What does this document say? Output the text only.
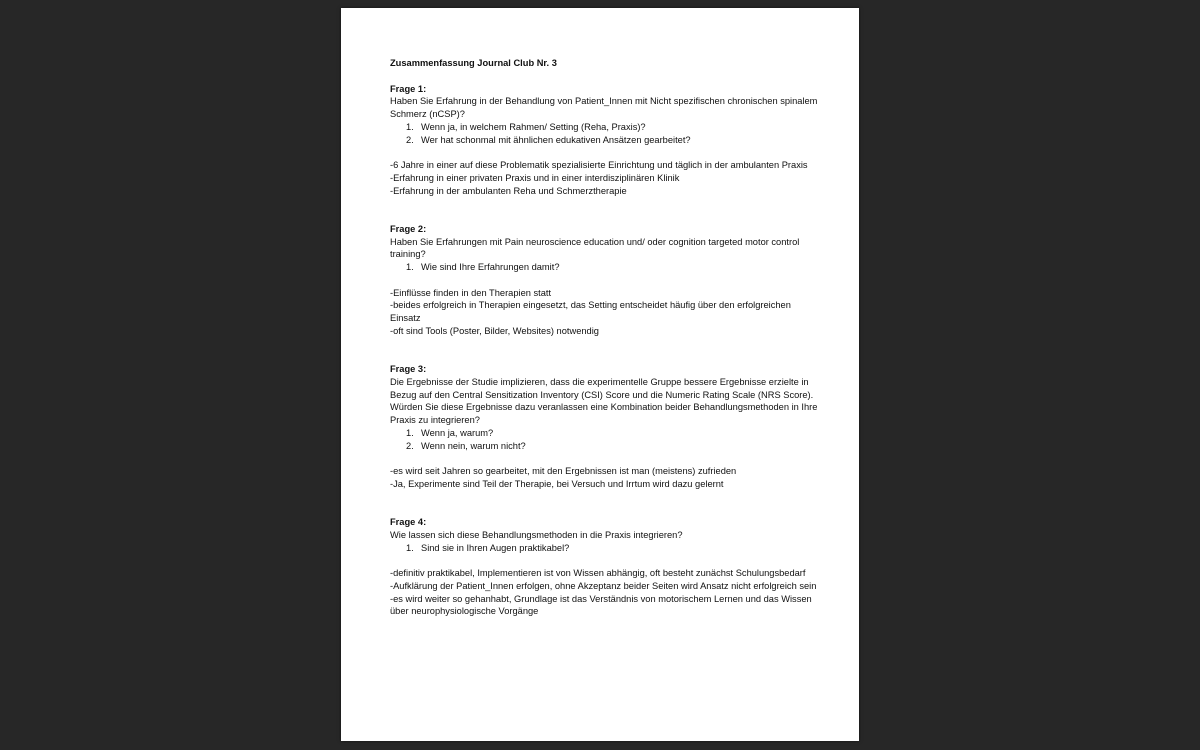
Zusammenfassung Journal Club Nr. 3

Frage 1:

Haben Sie Erfahrung in der Behandlung von Patient_Innen mit Nicht spezifischen chronischen spinalem Schmerz (nCSP)?

1. Wenn ja, in welchem Rahmen/ Setting (Reha, Praxis)?
2. Wer hat schonmal mit ähnlichen edukativen Ansätzen gearbeitet?

-6 Jahre in einer auf diese Problematik spezialisierte Einrichtung und täglich in der ambulanten Praxis

-Erfahrung in einer privaten Praxis und in einer interdisziplinären Klinik

-Erfahrung in der ambulanten Reha und Schmerztherapie

Frage 2:

Haben Sie Erfahrungen mit Pain neuroscience education und/ oder cognition targeted motor control training?

1. Wie sind Ihre Erfahrungen damit?

-Einflüsse finden in den Therapien statt

-beides erfolgreich in Therapien eingesetzt, das Setting entscheidet häufig über den erfolgreichen Einsatz

-oft sind Tools (Poster, Bilder, Websites) notwendig

Frage 3:

Die Ergebnisse der Studie implizieren, dass die experimentelle Gruppe bessere Ergebnisse erzielte in Bezug auf den Central Sensitization Inventory (CSI) Score und die Numeric Rating Scale (NRS Score). Würden Sie diese Ergebnisse dazu veranlassen eine Kombination beider Behandlungsmethoden in Ihre Praxis zu integrieren?

1. Wenn ja, warum?
2. Wenn nein, warum nicht?

-es wird seit Jahren so gearbeitet, mit den Ergebnissen ist man (meistens) zufrieden

-Ja, Experimente sind Teil der Therapie, bei Versuch und Irrtum wird dazu gelernt

Frage 4:

Wie lassen sich diese Behandlungsmethoden in die Praxis integrieren?

1. Sind sie in Ihren Augen praktikabel?

-definitiv praktikabel, Implementieren ist von Wissen abhängig, oft besteht zunächst Schulungsbedarf

-Aufklärung der Patient_Innen erfolgen, ohne Akzeptanz beider Seiten wird Ansatz nicht erfolgreich sein

-es wird weiter so gehanhabt, Grundlage ist das Verständnis von motorischem Lernen und das Wissen über neurophysiologische Vorgänge
